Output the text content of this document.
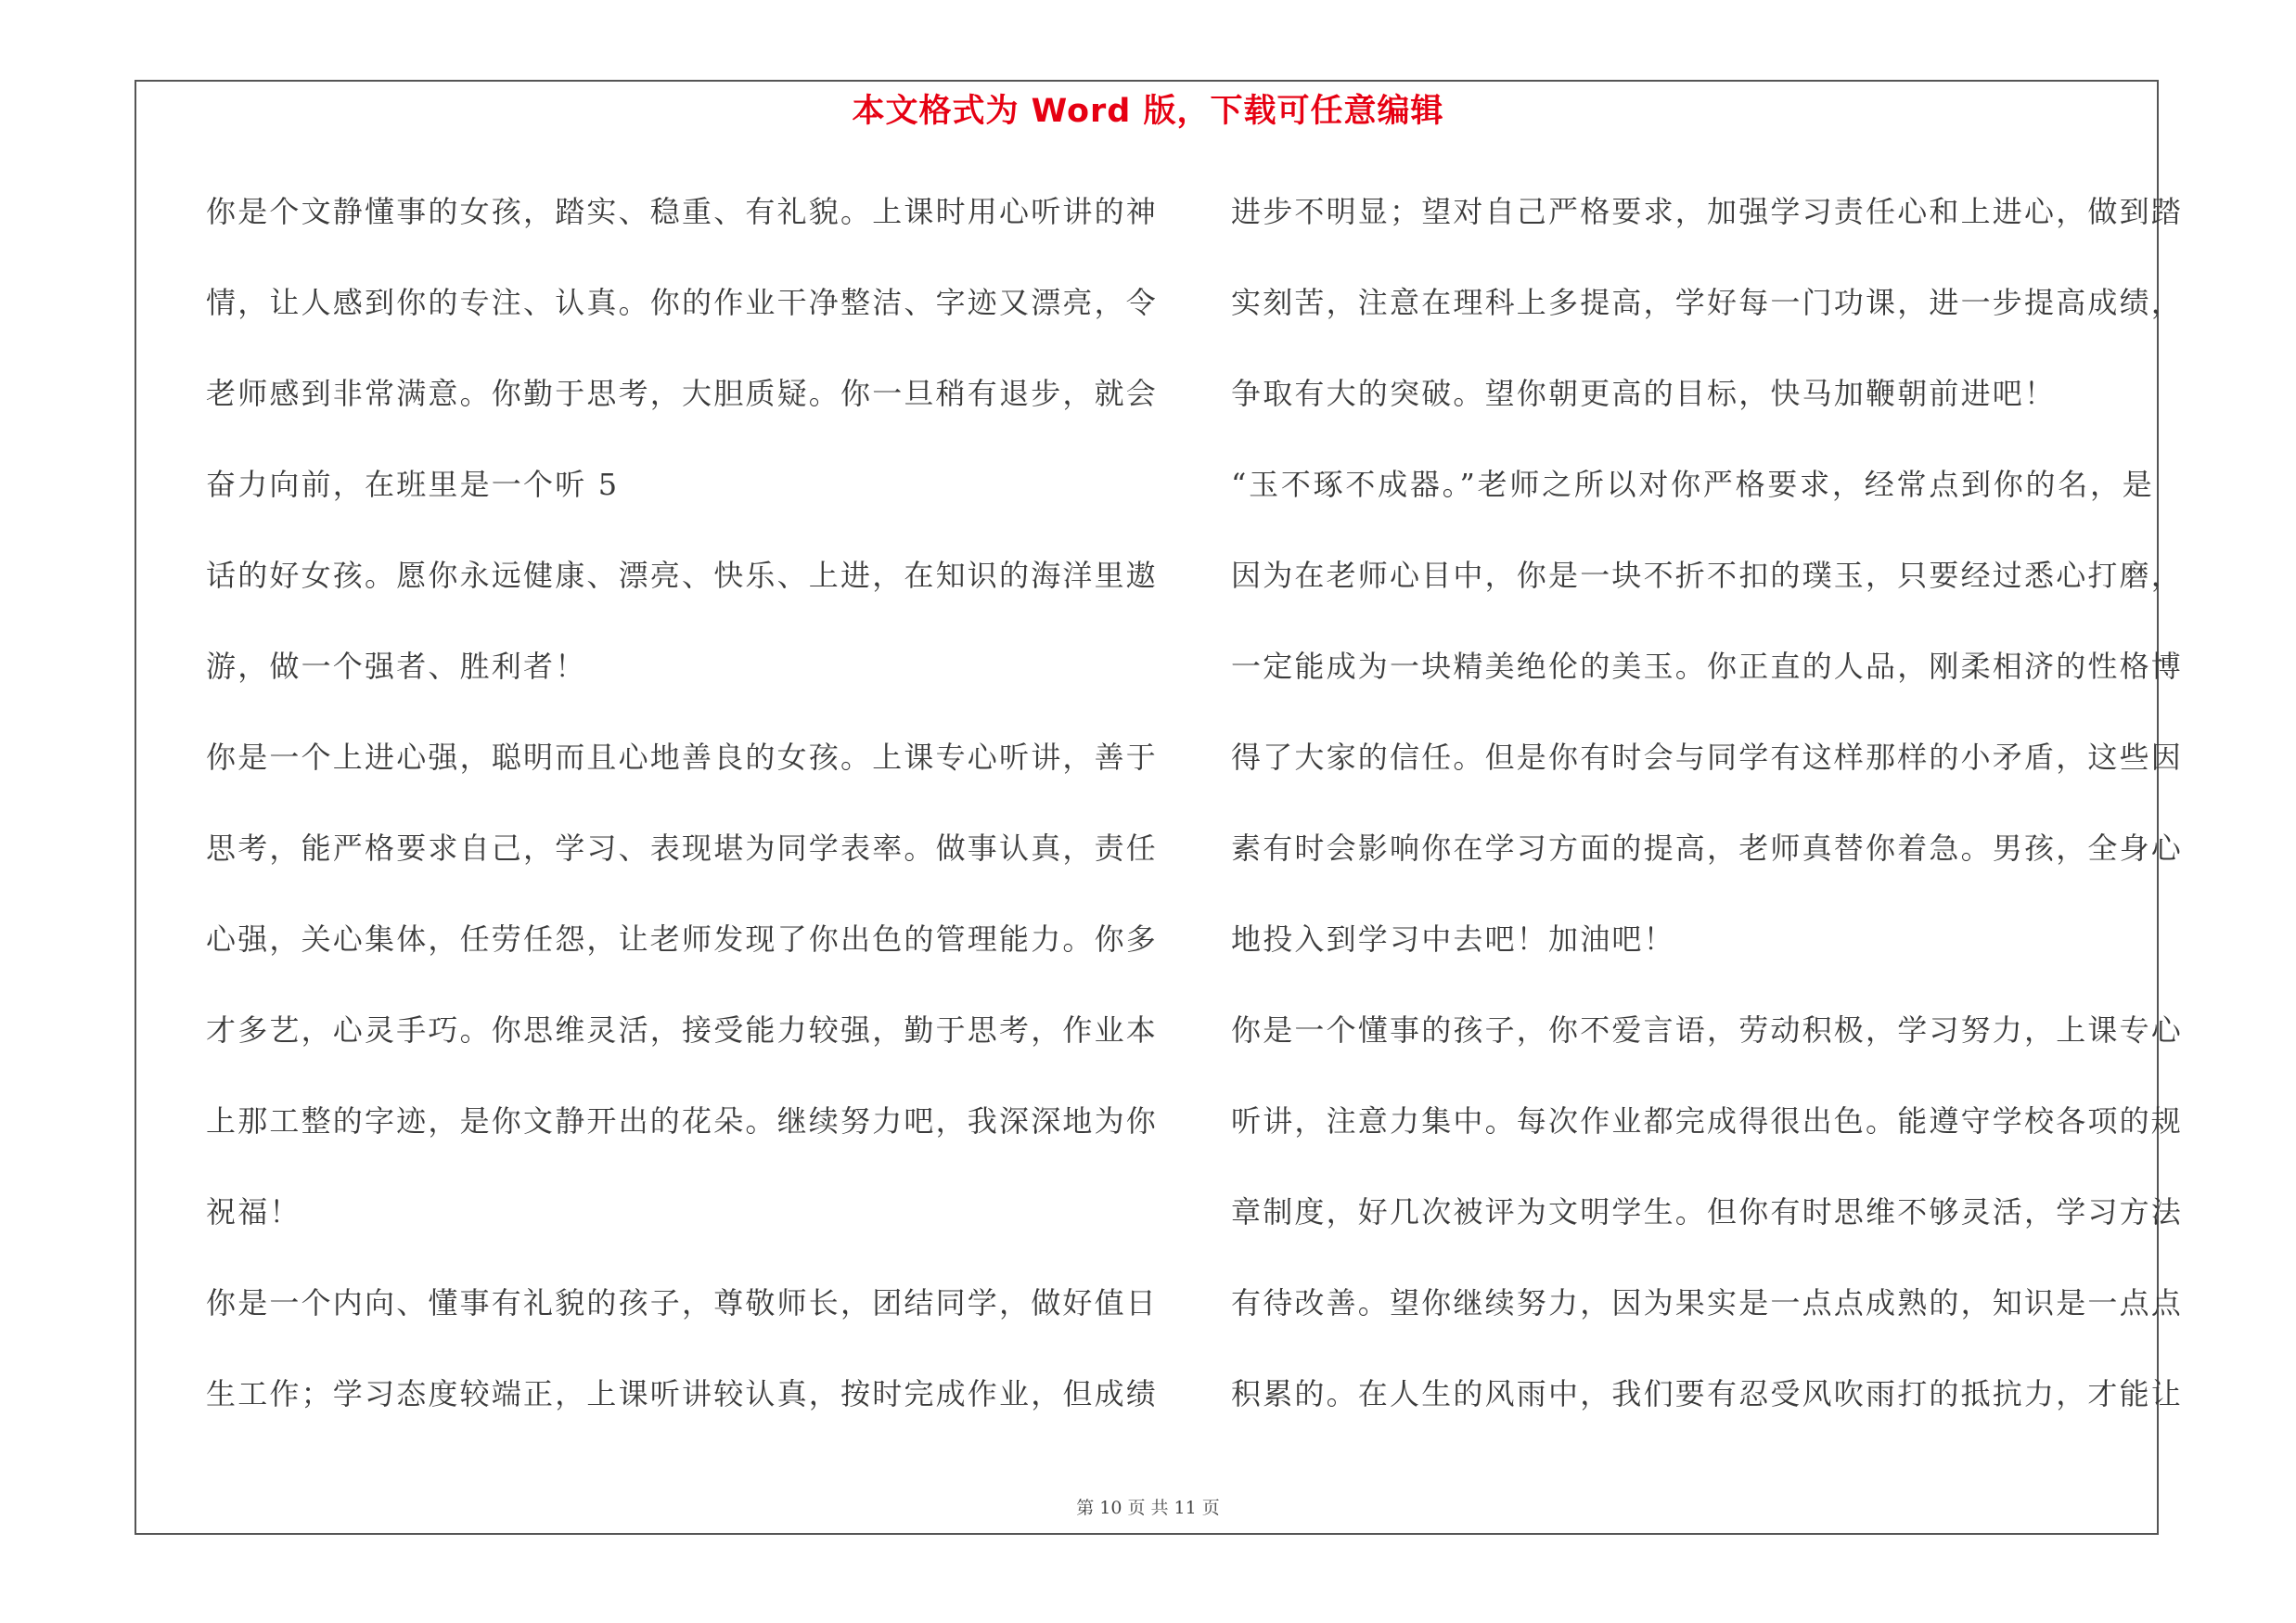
本文格式为 Word 版，下载可任意编辑
你是个文静懂事的女孩，踏实、稳重、有礼貌。上课时用心听讲的神
情，让人感到你的专注、认真。你的作业干净整洁、字迹又漂亮，令
老师感到非常满意。你勤于思考，大胆质疑。你一旦稍有退步，就会
奋力向前，在班里是一个听 5
话的好女孩。愿你永远健康、漂亮、快乐、上进，在知识的海洋里遨
游，做一个强者、胜利者！
你是一个上进心强，聪明而且心地善良的女孩。上课专心听讲，善于
思考，能严格要求自己，学习、表现堪为同学表率。做事认真，责任
心强，关心集体，任劳任怨，让老师发现了你出色的管理能力。你多
才多艺，心灵手巧。你思维灵活，接受能力较强，勤于思考，作业本
上那工整的字迹，是你文静开出的花朵。继续努力吧，我深深地为你
祝福！
你是一个内向、懂事有礼貌的孩子，尊敬师长，团结同学，做好值日
生工作；学习态度较端正，上课听讲较认真，按时完成作业，但成绩
进步不明显；望对自己严格要求，加强学习责任心和上进心，做到踏
实刻苦，注意在理科上多提高，学好每一门功课，进一步提高成绩，
争取有大的突破。望你朝更高的目标，快马加鞭朝前进吧！
“玉不琢不成器。”老师之所以对你严格要求，经常点到你的名，是
因为在老师心目中，你是一块不折不扣的璞玉，只要经过悉心打磨，
一定能成为一块精美绝伦的美玉。你正直的人品，刚柔相济的性格博
得了大家的信任。但是你有时会与同学有这样那样的小矛盾，这些因
素有时会影响你在学习方面的提高，老师真替你着急。男孩，全身心
地投入到学习中去吧！加油吧！
你是一个懂事的孩子，你不爱言语，劳动积极，学习努力，上课专心
听讲，注意力集中。每次作业都完成得很出色。能遵守学校各项的规
章制度，好几次被评为文明学生。但你有时思维不够灵活，学习方法
有待改善。望你继续努力，因为果实是一点点成熟的，知识是一点点
积累的。在人生的风雨中，我们要有忍受风吹雨打的抵抗力，才能让
第 10 页 共 11 页
